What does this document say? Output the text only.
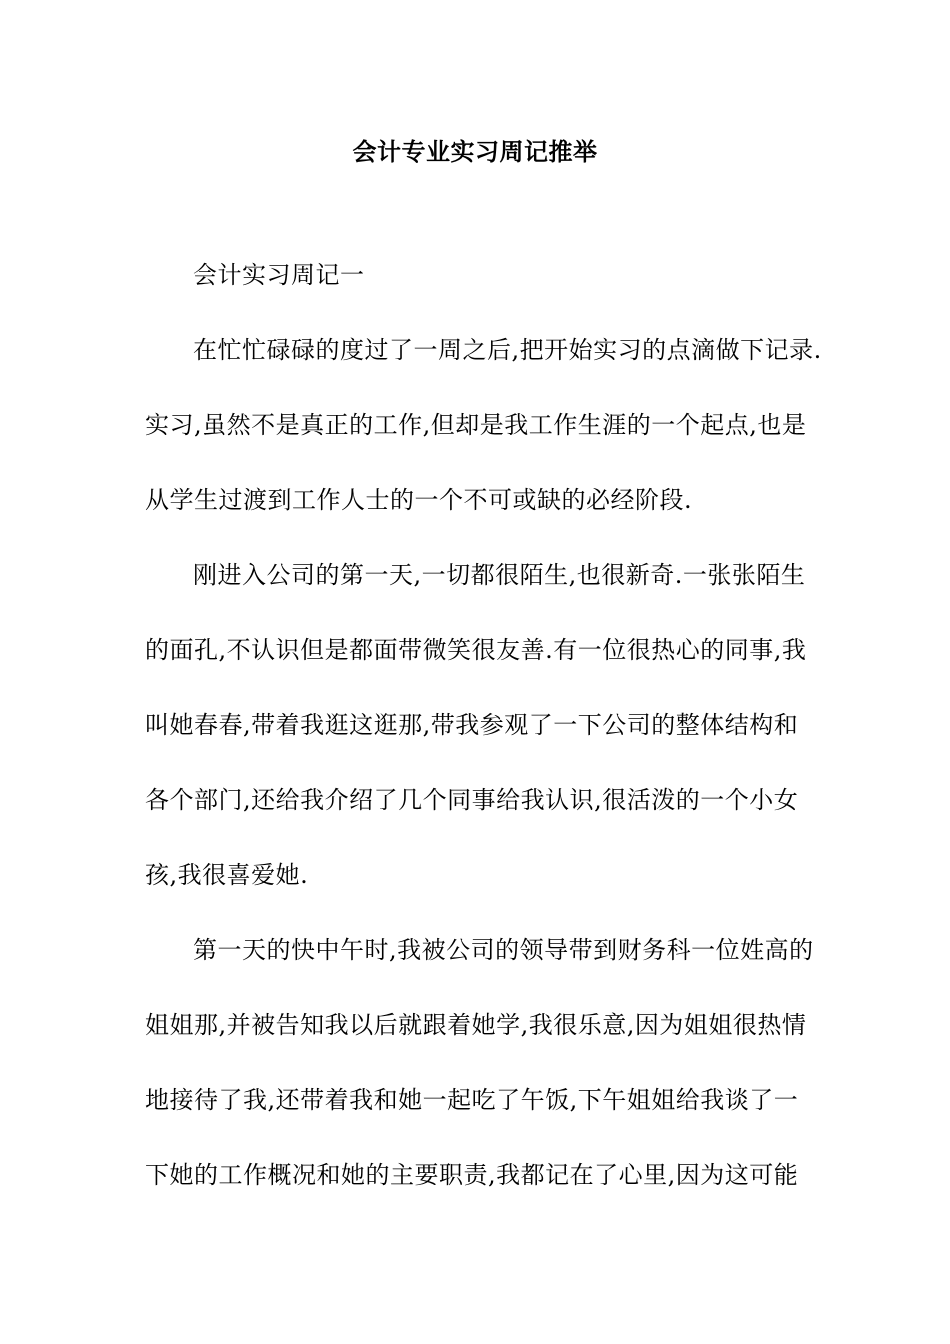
会计专业实习周记推举
会计实习周记一
在忙忙碌碌的度过了一周之后,把开始实习的点滴做下记录.
实习,虽然不是真正的工作,但却是我工作生涯的一个起点,也是
从学生过渡到工作人士的一个不可或缺的必经阶段.
刚进入公司的第一天,一切都很陌生,也很新奇.一张张陌生
的面孔,不认识但是都面带微笑很友善.有一位很热心的同事,我
叫她春春,带着我逛这逛那,带我参观了一下公司的整体结构和
各个部门,还给我介绍了几个同事给我认识,很活泼的一个小女
孩,我很喜爱她.
第一天的快中午时,我被公司的领导带到财务科一位姓高的
姐姐那,并被告知我以后就跟着她学,我很乐意,因为姐姐很热情
地接待了我,还带着我和她一起吃了午饭,下午姐姐给我谈了一
下她的工作概况和她的主要职责,我都记在了心里,因为这可能
